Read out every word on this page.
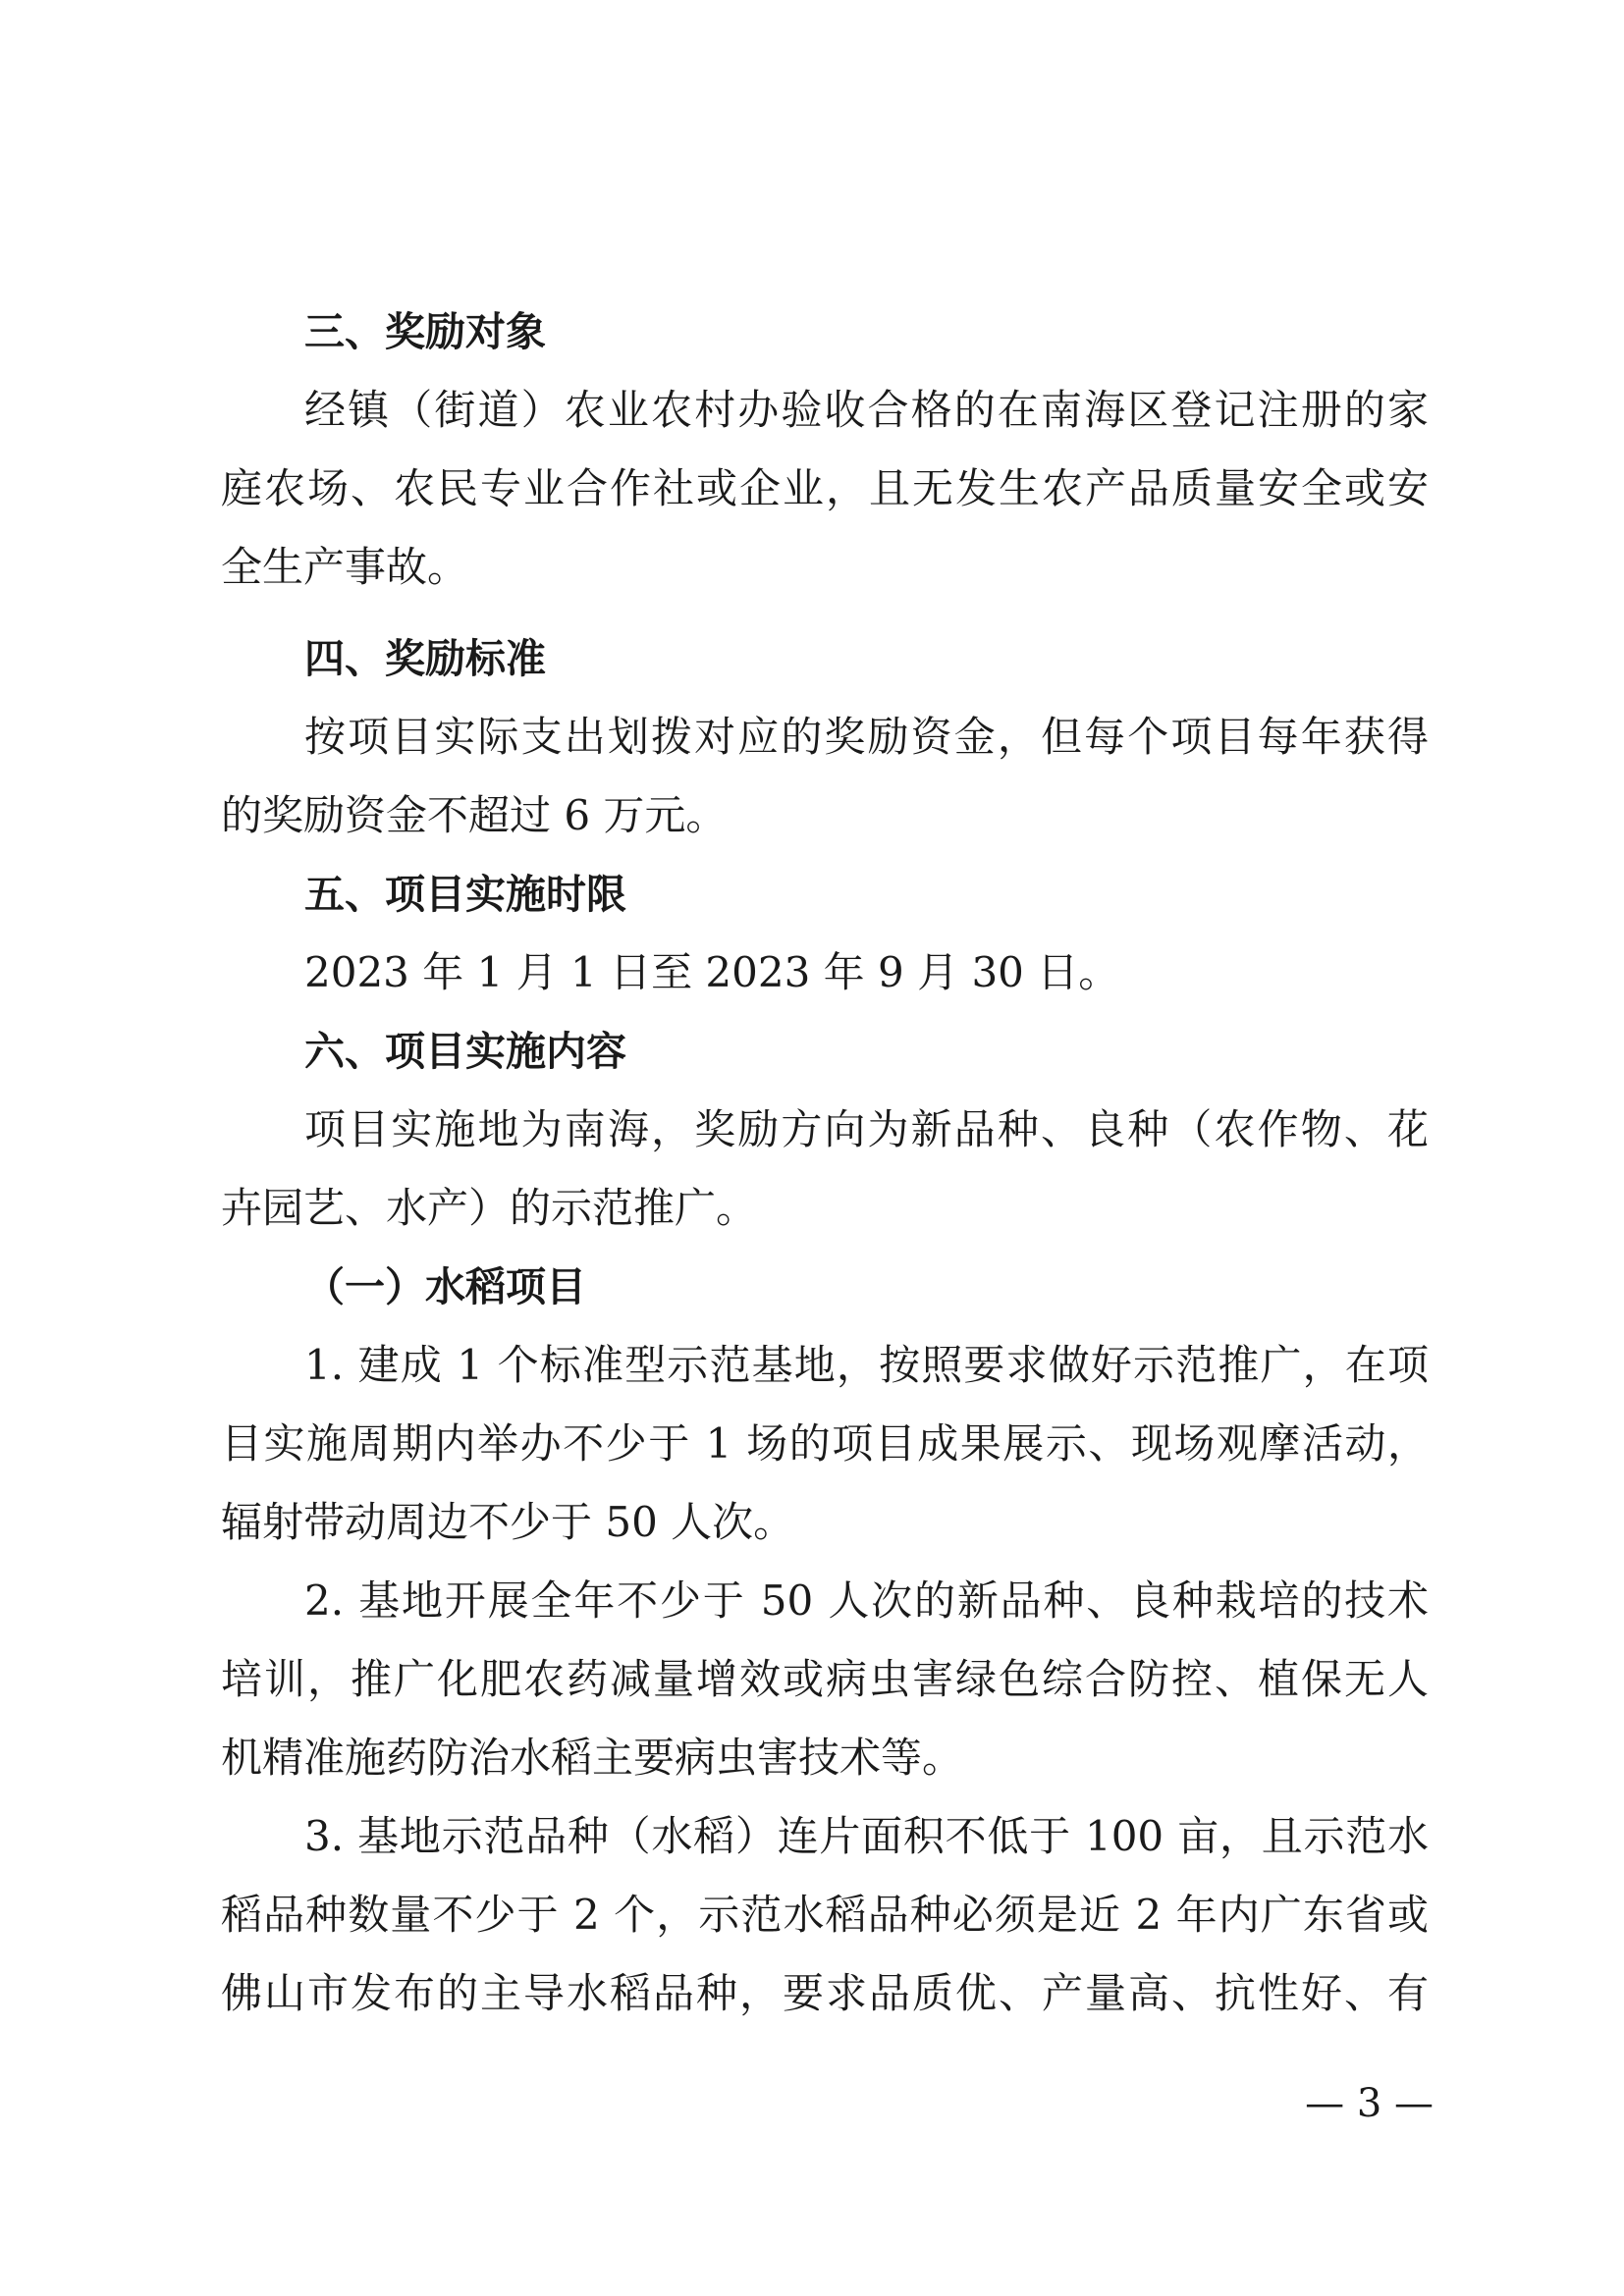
三、奖励对象
经镇（街道）农业农村办验收合格的在南海区登记注册的家
庭农场、农民专业合作社或企业，且无发生农产品质量安全或安
全生产事故。
四、奖励标准
按项目实际支出划拨对应的奖励资金，但每个项目每年获得
的奖励资金不超过 6 万元。
五、项目实施时限
2023 年 1 月 1 日至 2023 年 9 月 30 日。
六、项目实施内容
项目实施地为南海，奖励方向为新品种、良种（农作物、花
卉园艺、水产）的示范推广。
（一）水稻项目
1. 建成 1 个标准型示范基地，按照要求做好示范推广，在项
目实施周期内举办不少于 1 场的项目成果展示、现场观摩活动，
辐射带动周边不少于 50 人次。
2. 基地开展全年不少于 50 人次的新品种、良种栽培的技术
培训，推广化肥农药减量增效或病虫害绿色综合防控、植保无人
机精准施药防治水稻主要病虫害技术等。
3. 基地示范品种（水稻）连片面积不低于 100 亩，且示范水
稻品种数量不少于 2 个，示范水稻品种必须是近 2 年内广东省或
佛山市发布的主导水稻品种，要求品质优、产量高、抗性好、有
— 3 —
